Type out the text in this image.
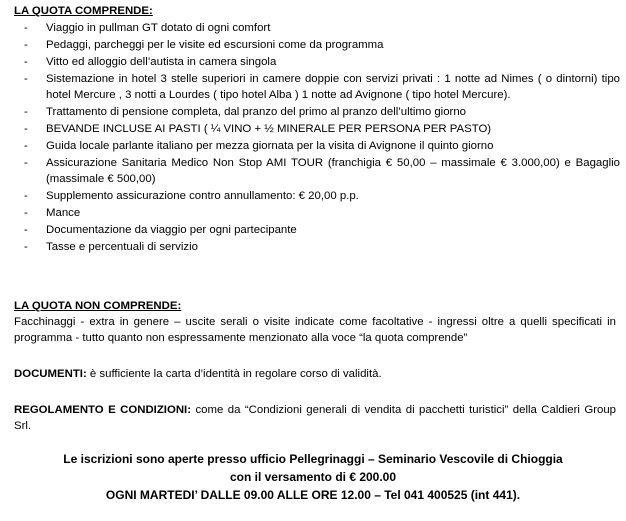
LA QUOTA COMPRENDE:
-	Viaggio in pullman GT dotato di ogni comfort
-	Pedaggi, parcheggi per le visite ed escursioni come da programma
-	Vitto ed alloggio dell’autista in camera singola
-	Sistemazione in hotel 3 stelle superiori in camere doppie con servizi privati : 1 notte ad Nimes ( o dintorni) tipo hotel Mercure , 3 notti a Lourdes ( tipo hotel Alba ) 1 notte ad Avignone ( tipo hotel Mercure).
-	Trattamento di pensione completa, dal pranzo del primo al pranzo dell’ultimo giorno
-	BEVANDE INCLUSE AI PASTI ( ¼ VINO + ½ MINERALE PER PERSONA PER PASTO)
-	Guida locale parlante italiano per mezza giornata per la visita di Avignone il quinto giorno
-	Assicurazione Sanitaria Medico Non Stop AMI TOUR (franchigia € 50,00 – massimale € 3.000,00) e Bagaglio (massimale € 500,00)
-	Supplemento assicurazione contro annullamento: € 20,00 p.p.
-	Mance
-	Documentazione da viaggio per ogni partecipante
-	Tasse e percentuali di servizio
LA QUOTA NON COMPRENDE:
Facchinaggi - extra in genere – uscite serali o visite indicate come facoltative - ingressi oltre a quelli specificati in programma - tutto quanto non espressamente menzionato alla voce “la quota comprende”
DOCUMENTI: è sufficiente la carta d’identità in regolare corso di validità.
REGOLAMENTO E CONDIZIONI: come da “Condizioni generali di vendita di pacchetti turistici” della Caldieri Group Srl.
Le iscrizioni sono aperte presso ufficio Pellegrinaggi – Seminario Vescovile di Chioggia
con il versamento di € 200.00
OGNI MARTEDI’ DALLE 09.00 ALLE ORE 12.00 – Tel 041 400525 (int 441).
